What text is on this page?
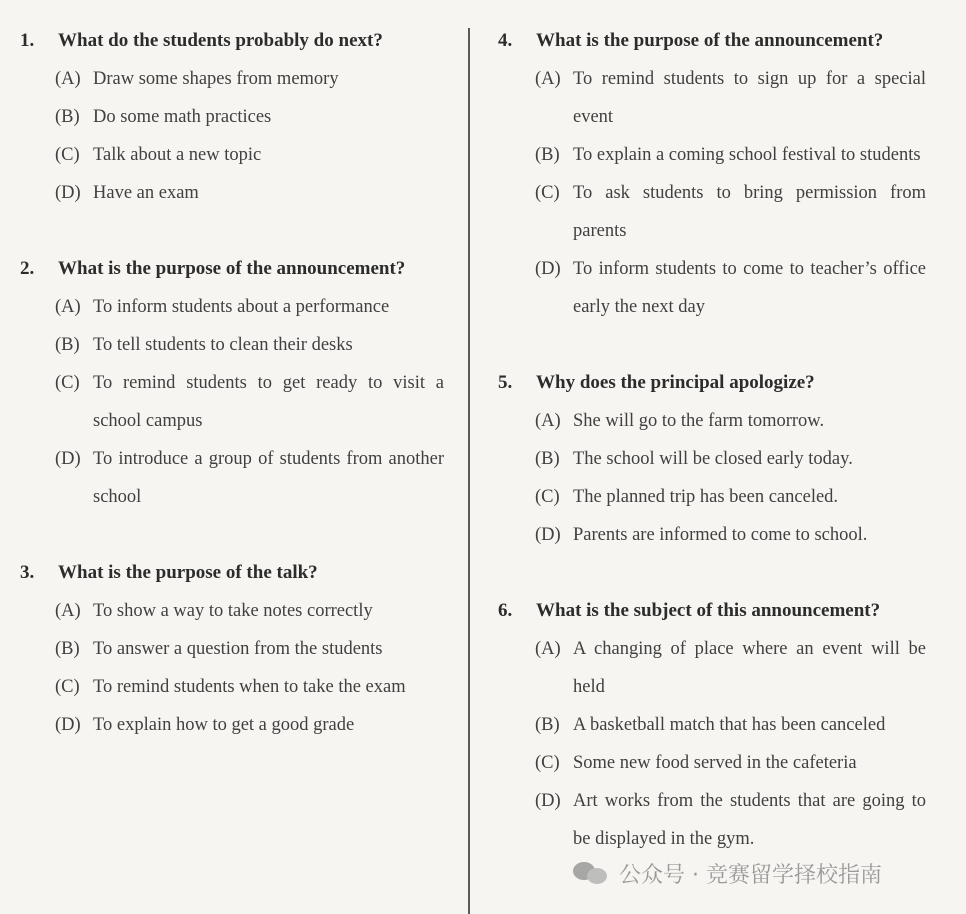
1.	What do the students probably do next?
(A) Draw some shapes from memory
(B) Do some math practices
(C) Talk about a new topic
(D) Have an exam
2.	What is the purpose of the announcement?
(A) To inform students about a performance
(B) To tell students to clean their desks
(C) To remind students to get ready to visit a school campus
(D) To introduce a group of students from another school
3.	What is the purpose of the talk?
(A) To show a way to take notes correctly
(B) To answer a question from the students
(C) To remind students when to take the exam
(D) To explain how to get a good grade
4.	What is the purpose of the announcement?
(A) To remind students to sign up for a special event
(B) To explain a coming school festival to students
(C) To ask students to bring permission from parents
(D) To inform students to come to teacher’s office early the next day
5.	Why does the principal apologize?
(A) She will go to the farm tomorrow.
(B) The school will be closed early today.
(C) The planned trip has been canceled.
(D) Parents are informed to come to school.
6.	What is the subject of this announcement?
(A) A changing of place where an event will be held
(B) A basketball match that has been canceled
(C) Some new food served in the cafeteria
(D) Art works from the students that are going to be displayed in the gym.
公众号 · 竞赛留学择校指南
